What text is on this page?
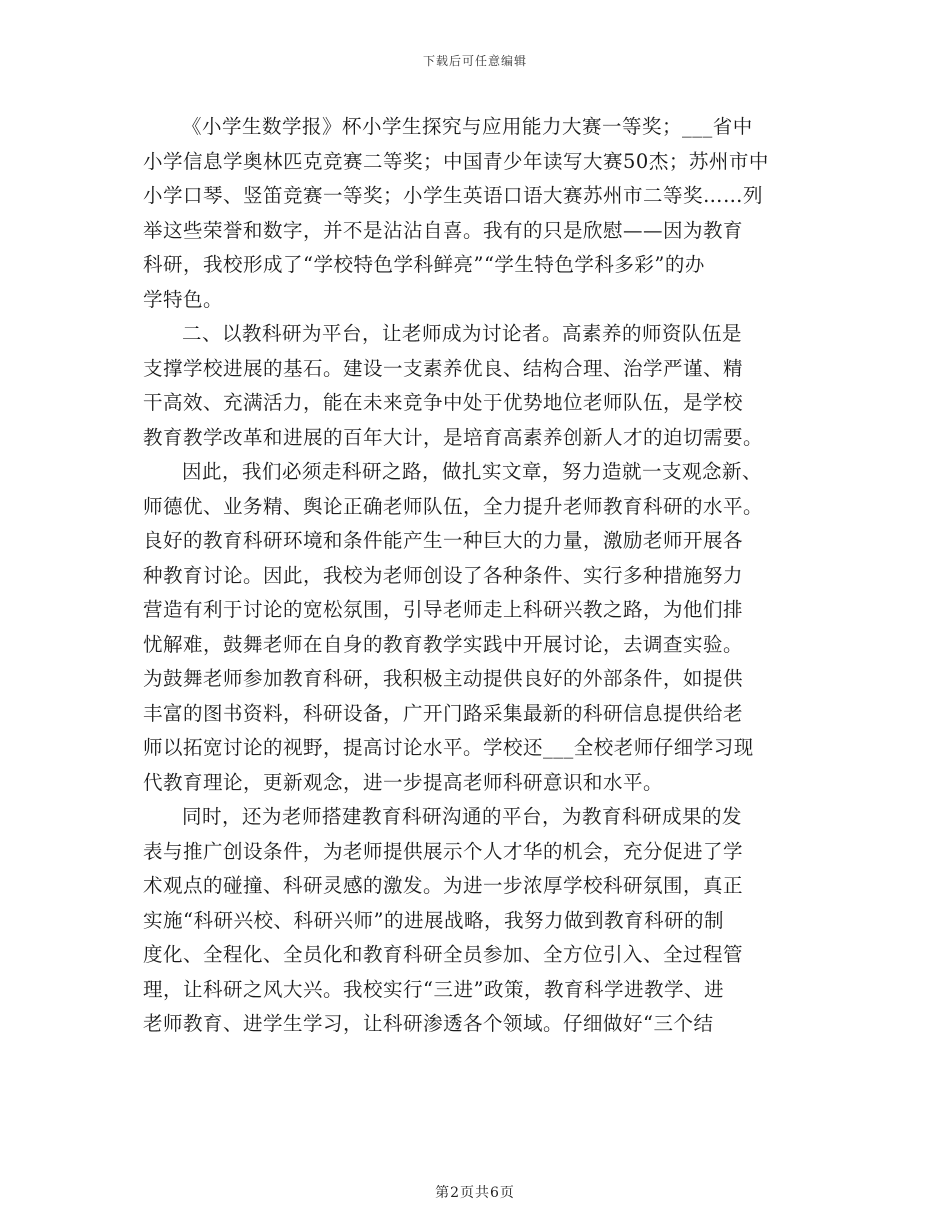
下载后可任意编辑

《小学生数学报》杯小学生探究与应用能力大赛一等奖；___省中

小学信息学奥林匹克竞赛二等奖；中国青少年读写大赛50杰；苏州市中

小学口琴、竖笛竞赛一等奖；小学生英语口语大赛苏州市二等奖……列

举这些荣誉和数字，并不是沾沾自喜。我有的只是欣慰——因为教育

科研，我校形成了“学校特色学科鲜亮”“学生特色学科多彩”的办

学特色。

二、以教科研为平台，让老师成为讨论者。高素养的师资队伍是

支撑学校进展的基石。建设一支素养优良、结构合理、治学严谨、精

干高效、充满活力，能在未来竞争中处于优势地位老师队伍，是学校

教育教学改革和进展的百年大计，是培育高素养创新人才的迫切需要。

因此，我们必须走科研之路，做扎实文章，努力造就一支观念新、

师德优、业务精、舆论正确老师队伍，全力提升老师教育科研的水平。

良好的教育科研环境和条件能产生一种巨大的力量，激励老师开展各

种教育讨论。因此，我校为老师创设了各种条件、实行多种措施努力

营造有利于讨论的宽松氛围，引导老师走上科研兴教之路，为他们排

忧解难，鼓舞老师在自身的教育教学实践中开展讨论，去调查实验。

为鼓舞老师参加教育科研，我积极主动提供良好的外部条件，如提供

丰富的图书资料，科研设备，广开门路采集最新的科研信息提供给老

师以拓宽讨论的视野，提高讨论水平。学校还___全校老师仔细学习现

代教育理论，更新观念，进一步提高老师科研意识和水平。

同时，还为老师搭建教育科研沟通的平台，为教育科研成果的发

表与推广创设条件，为老师提供展示个人才华的机会，充分促进了学

术观点的碰撞、科研灵感的激发。为进一步浓厚学校科研氛围，真正

实施“科研兴校、科研兴师”的进展战略，我努力做到教育科研的制

度化、全程化、全员化和教育科研全员参加、全方位引入、全过程管

理，让科研之风大兴。我校实行“三进”政策，教育科学进教学、进

老师教育、进学生学习，让科研渗透各个领域。仔细做好“三个结

第2页共6页
